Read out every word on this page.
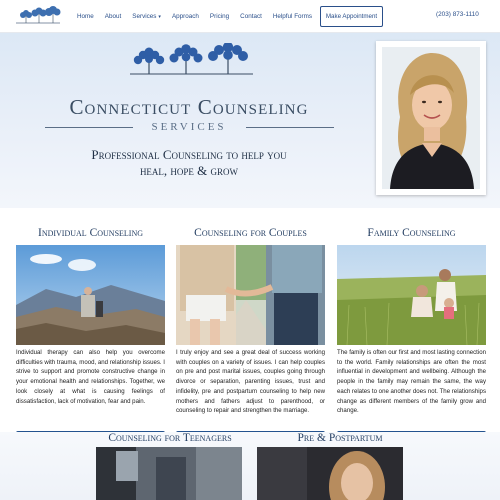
Home About Services ▾ Approach Pricing Contact Helpful Forms	Make Appointment	(203) 873-1110
Connecticut Counseling
SERVICES
Professional Counseling to help you
heal, hope & grow
Individual Counseling
Individual therapy can also help you overcome difficulties with trauma, mood, and relationship issues. I strive to support and promote constructive change in your emotional health and relationships. Together, we look closely at what is causing feelings of dissatisfaction, lack of motivation, fear and pain.
Counseling for Couples
I truly enjoy and see a great deal of success working with couples on a variety of issues. I can help couples on pre and post marital issues, couples going through divorce or separation, parenting issues, trust and infidelity, pre and postpartum counseling to help new mothers and fathers adjust to parenthood, or counseling to repair and strengthen the marriage.
Family Counseling
The family is often our first and most lasting connection to the world. Family relationships are often the most influential in development and wellbeing. Although the people in the family may remain the same, the way each relates to one another does not. The relationships change as different members of the family grow and change.
Counseling for Teenagers	Pre & Postpartum
